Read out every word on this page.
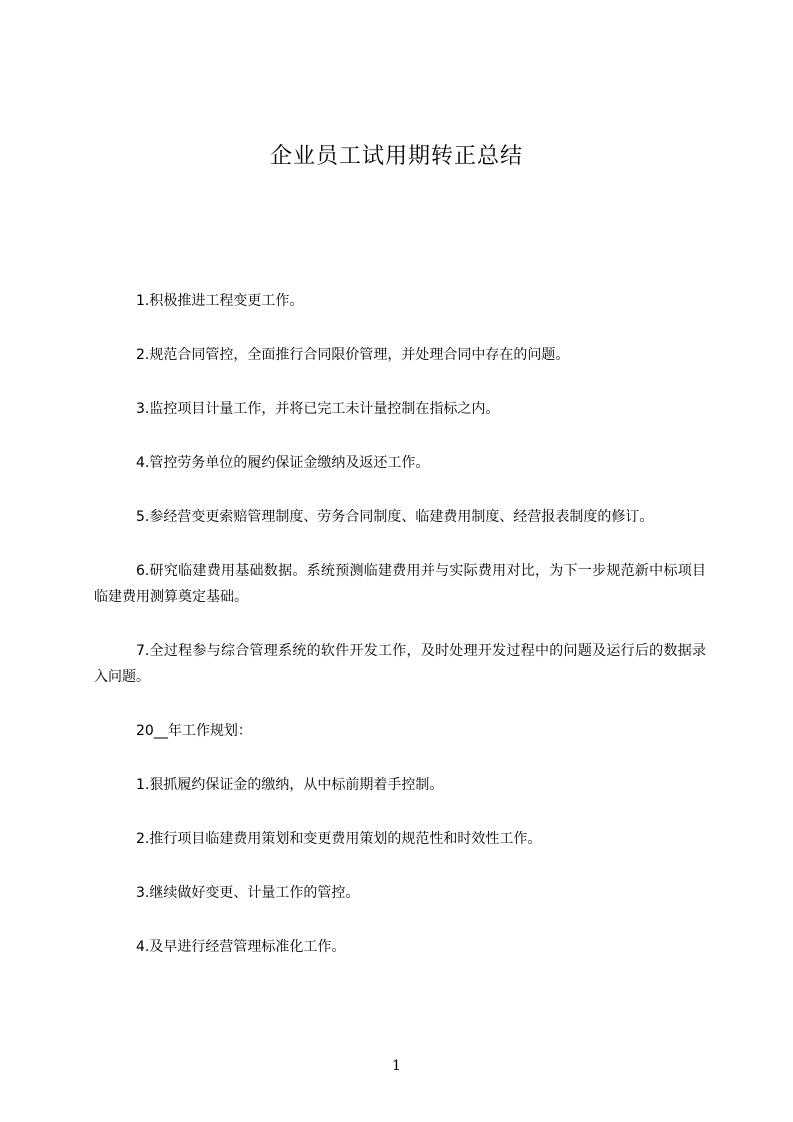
企业员工试用期转正总结

1.积极推进工程变更工作。

2.规范合同管控，全面推行合同限价管理，并处理合同中存在的问题。

3.监控项目计量工作，并将已完工未计量控制在指标之内。

4.管控劳务单位的履约保证金缴纳及返还工作。

5.参经营变更索赔管理制度、劳务合同制度、临建费用制度、经营报表制度的修订。

6.研究临建费用基础数据。系统预测临建费用并与实际费用对比，为下一步规范新中标项目临建费用测算奠定基础。

7.全过程参与综合管理系统的软件开发工作，及时处理开发过程中的问题及运行后的数据录入问题。

20__年工作规划：

1.狠抓履约保证金的缴纳，从中标前期着手控制。

2.推行项目临建费用策划和变更费用策划的规范性和时效性工作。

3.继续做好变更、计量工作的管控。

4.及早进行经营管理标准化工作。

1
